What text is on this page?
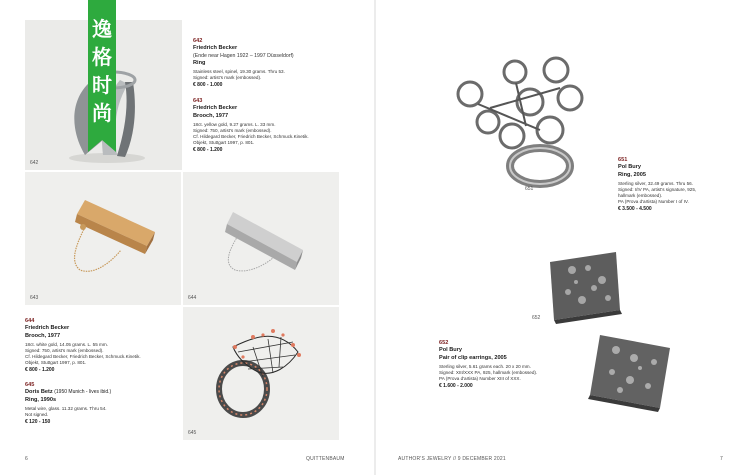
642
642
Friedrich Becker
(Ende near Hagen 1922 – 1997 Düsseldorf)
Ring
Stainless steel, spinel, 19.30 grams. Thru 53.
Signed: artist's mark (embossed).
€ 800 - 1.000
643
Friedrich Becker
Brooch, 1977
18ct. yellow gold, 9.27 grams. L. 33 mm.
Signed: 750, artist's mark (embossed).
Cf. Hildegard Becker, Friedrich Becker, Schmuck.Kinetik.
Objekt, Stuttgart 1997, p. 801.
€ 800 - 1.200
643	644
644
Friedrich Becker
Brooch, 1977
18ct. white gold, 14.05 grams. L. 55 mm.
Signed: 750, artist's mark (embossed).
Cf. Hildegard Becker, Friedrich Becker, Schmuck.Kinetik.
Objekt, Stuttgart 1997, p. 801.
€ 800 - 1.200
645
Doris Betz (1950 Munich - lives ibid.)
Ring, 1990s
Metal wire, glass. 11.32 grams. Thru 54.
Not signed.
€ 120 - 150
645
6	QUITTENBAUM
651
651
Pol Bury
Ring, 2005
Sterling silver, 32.49 grams. Thru 56.
Signed: I/IV PA, artist's signature, 925,
hallmark (embossed).
PA (Prova d'artista) Number I of IV.
€ 3.500 - 4.500
652
652
Pol Bury
Pair of clip earrings, 2005
Sterling silver, 5.61 grams each. 20 x 20 mm.
Signed: XIII/XXX PA, 925, hallmark (embossed).
PA (Prova d'artista) Number XIII of XXX.
€ 1.600 - 2.000
AUTHOR'S JEWELRY // 9 DECEMBER 2021	7
逸
格
时
尚
